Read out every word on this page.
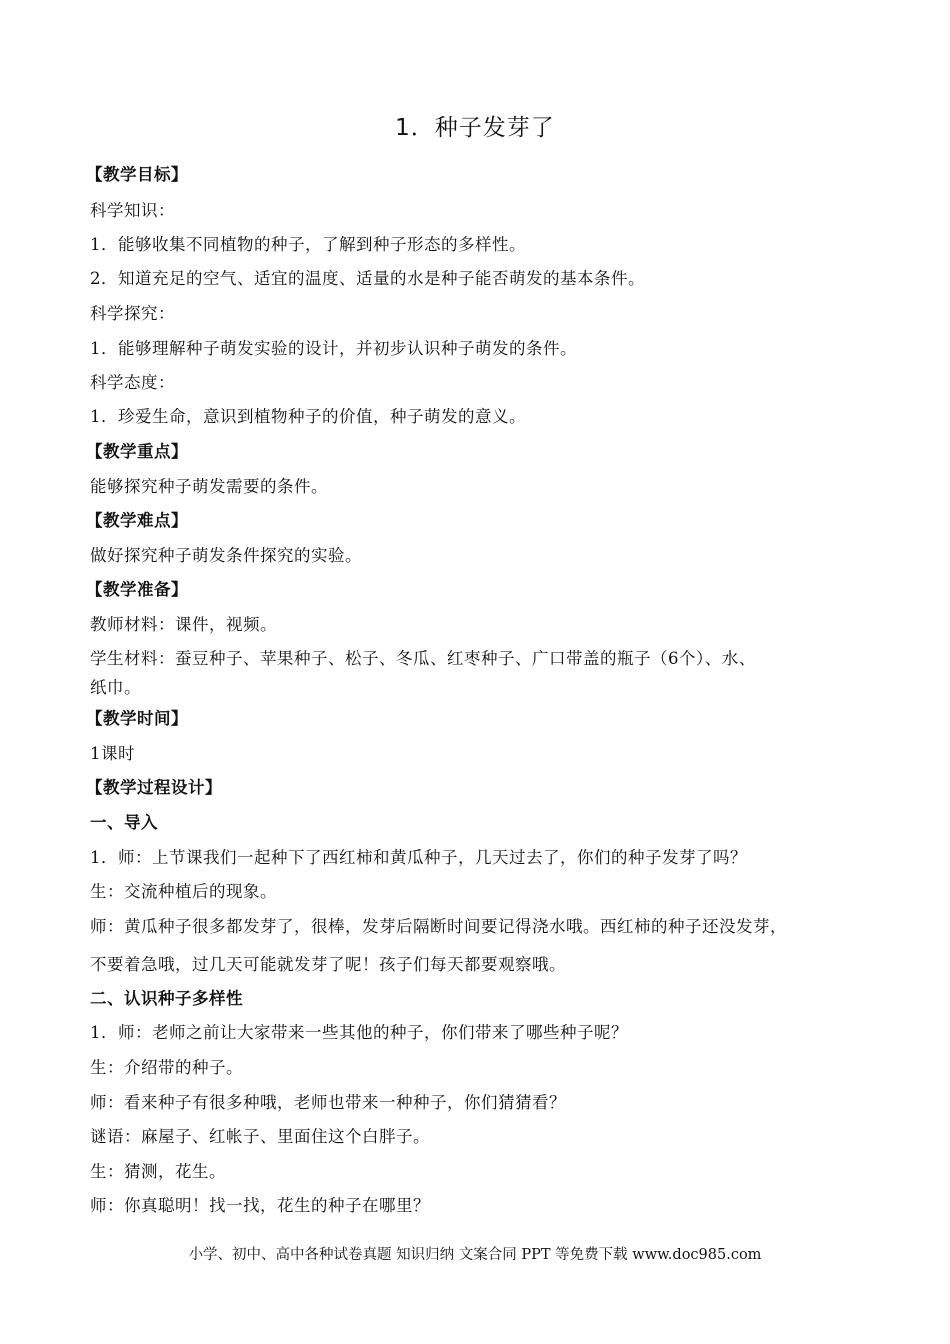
1．种子发芽了
【教学目标】
科学知识：
1．能够收集不同植物的种子，了解到种子形态的多样性。
2．知道充足的空气、适宜的温度、适量的水是种子能否萌发的基本条件。
科学探究：
1．能够理解种子萌发实验的设计，并初步认识种子萌发的条件。
科学态度：
1．珍爱生命，意识到植物种子的价值，种子萌发的意义。
【教学重点】
能够探究种子萌发需要的条件。
【教学难点】
做好探究种子萌发条件探究的实验。
【教学准备】
教师材料：课件，视频。
学生材料：蚕豆种子、苹果种子、松子、冬瓜、红枣种子、广口带盖的瓶子（6个）、水、
纸巾。
【教学时间】
1课时
【教学过程设计】
一、导入
1．师：上节课我们一起种下了西红柿和黄瓜种子，几天过去了，你们的种子发芽了吗？
生：交流种植后的现象。
师：黄瓜种子很多都发芽了，很棒，发芽后隔断时间要记得浇水哦。西红柿的种子还没发芽，
不要着急哦，过几天可能就发芽了呢！孩子们每天都要观察哦。
二、认识种子多样性
1．师：老师之前让大家带来一些其他的种子，你们带来了哪些种子呢？
生：介绍带的种子。
师：看来种子有很多种哦，老师也带来一种种子，你们猜猜看？
谜语：麻屋子、红帐子、里面住这个白胖子。
生：猜测，花生。
师：你真聪明！找一找，花生的种子在哪里？
小学、初中、高中各种试卷真题 知识归纳 文案合同 PPT 等免费下载 www.doc985.com
